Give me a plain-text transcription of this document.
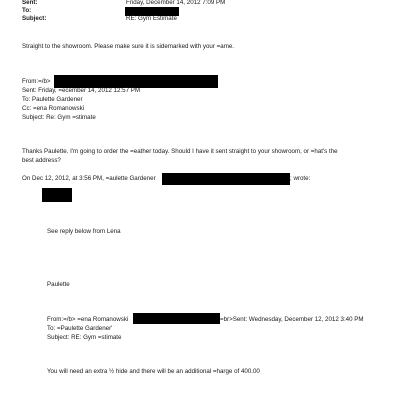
Sent:	Friday, December 14, 2012 7:09 PM
To:
Subject:	RE: Gym Estimate
Straight to the showroom. Please make sure it is sidemarked with your =ame.
From:=/b>
Sent: Friday, =ecember 14, 2012 12:57 PM
To: Paulette Gardener
Cc: =ena Romanowski
Subject: Re: Gym =stimate
Thanks Paulette. I'm going to order the =eather today. Should I have it sent straight to your showroom, or =hat's the
best address?
On Dec 12, 2012, at 3:56 PM, =aulette Gardener	; wrote:
See reply below from Lena
Paulette
From:=/b> =ena Romanowski	=br>Sent: Wednesday, December 12, 2012 3:40 PM
To: =Paulette Gardener'
Subject: RE: Gym =stimate
You will need an extra ½ hide and there will be an additional =harge of 400.00
